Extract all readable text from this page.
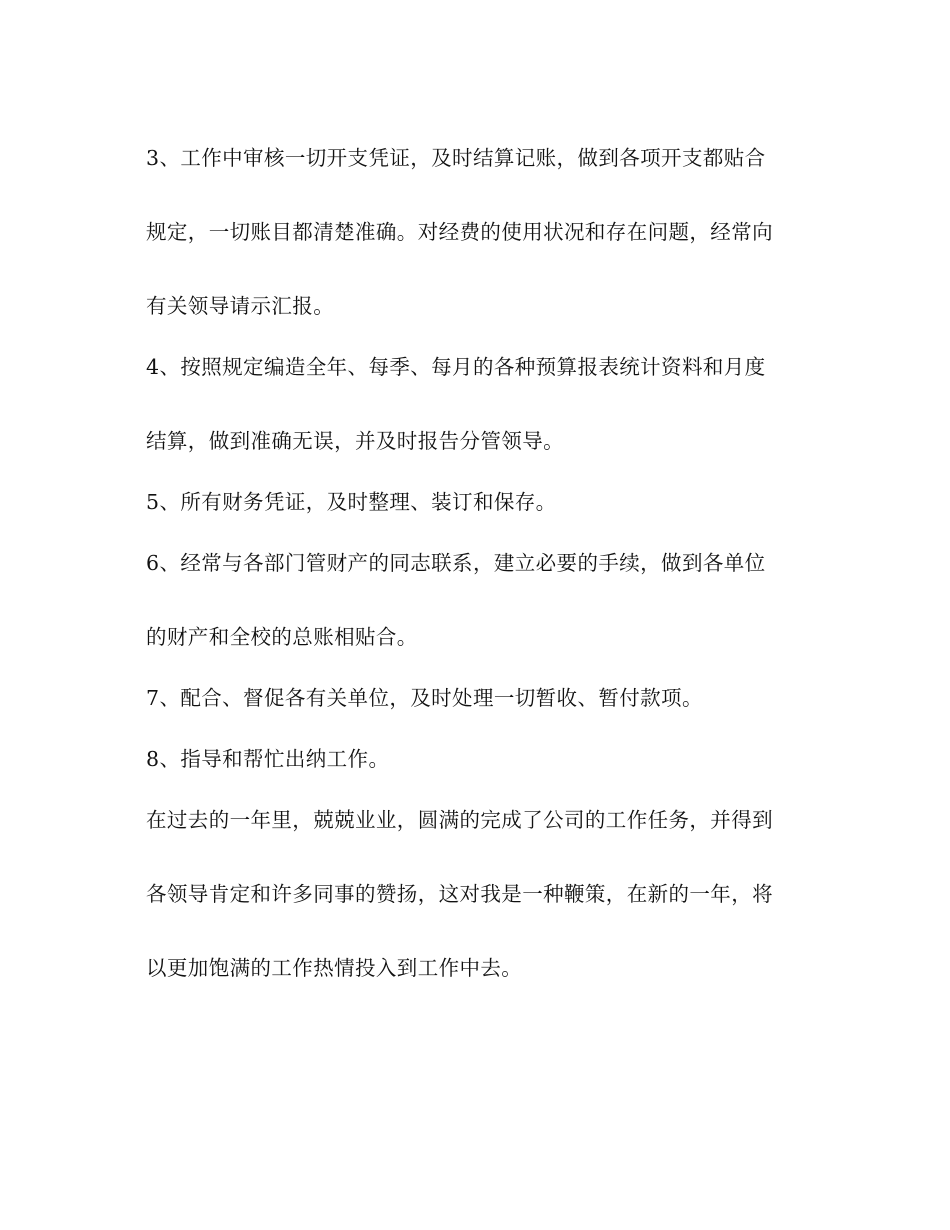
3、工作中审核一切开支凭证，及时结算记账，做到各项开支都贴合
规定，一切账目都清楚准确。对经费的使用状况和存在问题，经常向
有关领导请示汇报。
4、按照规定编造全年、每季、每月的各种预算报表统计资料和月度
结算，做到准确无误，并及时报告分管领导。
5、所有财务凭证，及时整理、装订和保存。
6、经常与各部门管财产的同志联系，建立必要的手续，做到各单位
的财产和全校的总账相贴合。
7、配合、督促各有关单位，及时处理一切暂收、暂付款项。
8、指导和帮忙出纳工作。
在过去的一年里，兢兢业业，圆满的完成了公司的工作任务，并得到
各领导肯定和许多同事的赞扬，这对我是一种鞭策，在新的一年，将
以更加饱满的工作热情投入到工作中去。
